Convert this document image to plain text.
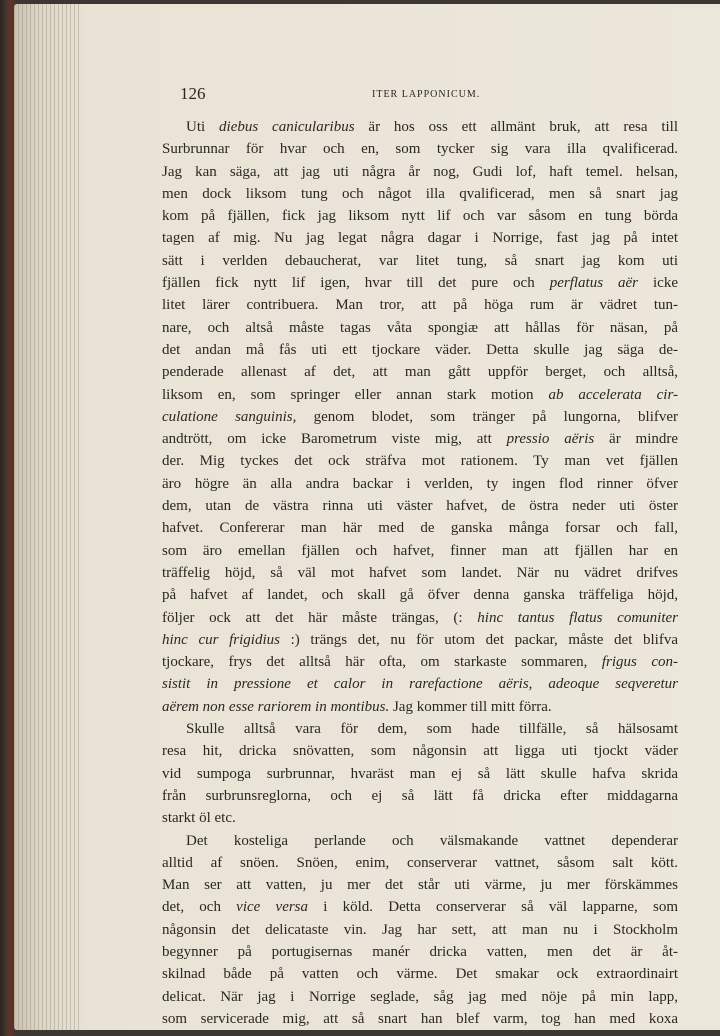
126	ITER LAPPONICUM.
Uti diebus canicularibus är hos oss ett allmänt bruk, att resa till
Surbrunnar för hvar och en, som tycker sig vara illa qvalificerad.
Jag kan säga, att jag uti några år nog, Gudi lof, haft temel. helsan,
men dock liksom tung och något illa qvalificerad, men så snart jag
kom på fjällen, fick jag liksom nytt lif och var såsom en tung börda
tagen af mig. Nu jag legat några dagar i Norrige, fast jag på intet
sätt i verlden debaucherat, var litet tung, så snart jag kom uti
fjällen fick nytt lif igen, hvar till det pure och perflatus aër icke
litet lärer contribuera. Man tror, att på höga rum är vädret tun-
nare, och altså måste tagas våta spongiæ att hållas för näsan, på
det andan må fås uti ett tjockare väder. Detta skulle jag säga de-
penderade allenast af det, att man gått uppför berget, och alltså,
liksom en, som springer eller annan stark motion ab accelerata cir-
culatione sanguinis, genom blodet, som tränger på lungorna, blifver
andtrött, om icke Barometrum viste mig, att pressio aëris är mindre
der. Mig tyckes det ock sträfva mot rationem. Ty man vet fjällen
äro högre än alla andra backar i verlden, ty ingen flod rinner öfver
dem, utan de västra rinna uti väster hafvet, de östra neder uti öster
hafvet. Confererar man här med de ganska många forsar och fall,
som äro emellan fjällen och hafvet, finner man att fjällen har en
träffelig höjd, så väl mot hafvet som landet. När nu vädret drifves
på hafvet af landet, och skall gå öfver denna ganska träffeliga höjd,
följer ock att det här måste trängas, (: hinc tantus flatus comuniter
hinc cur frigidius :) trängs det, nu för utom det packar, måste det blifva
tjockare, frys det alltså här ofta, om starkaste sommaren, frigus con-
sistit in pressione et calor in rarefactione aëris, adeoque seqveretur
aërem non esse rariorem in montibus. Jag kommer till mitt förra.
Skulle alltså vara för dem, som hade tillfälle, så hälsosamt
resa hit, dricka snövatten, som någonsin att ligga uti tjockt väder
vid sumpoga surbrunnar, hvaräst man ej så lätt skulle hafva skrida
från surbrunsreglorna, och ej så lätt få dricka efter middagarna
starkt öl etc.
Det kosteliga perlande och välsmakande vattnet dependerar
alltid af snöen. Snöen, enim, conserverar vattnet, såsom salt kött.
Man ser att vatten, ju mer det står uti värme, ju mer förskämmes
det, och vice versa i köld. Detta conserverar så väl lapparne, som
någonsin det delicataste vin. Jag har sett, att man nu i Stockholm
begynner på portugisernas manér dricka vatten, men det är åt-
skilnad både på vatten och värme. Det smakar ock extraordinairt
delicat. När jag i Norrige seglade, såg jag med nöje på min lapp,
som servicerade mig, att så snart han blef varm, tog han med koxa
